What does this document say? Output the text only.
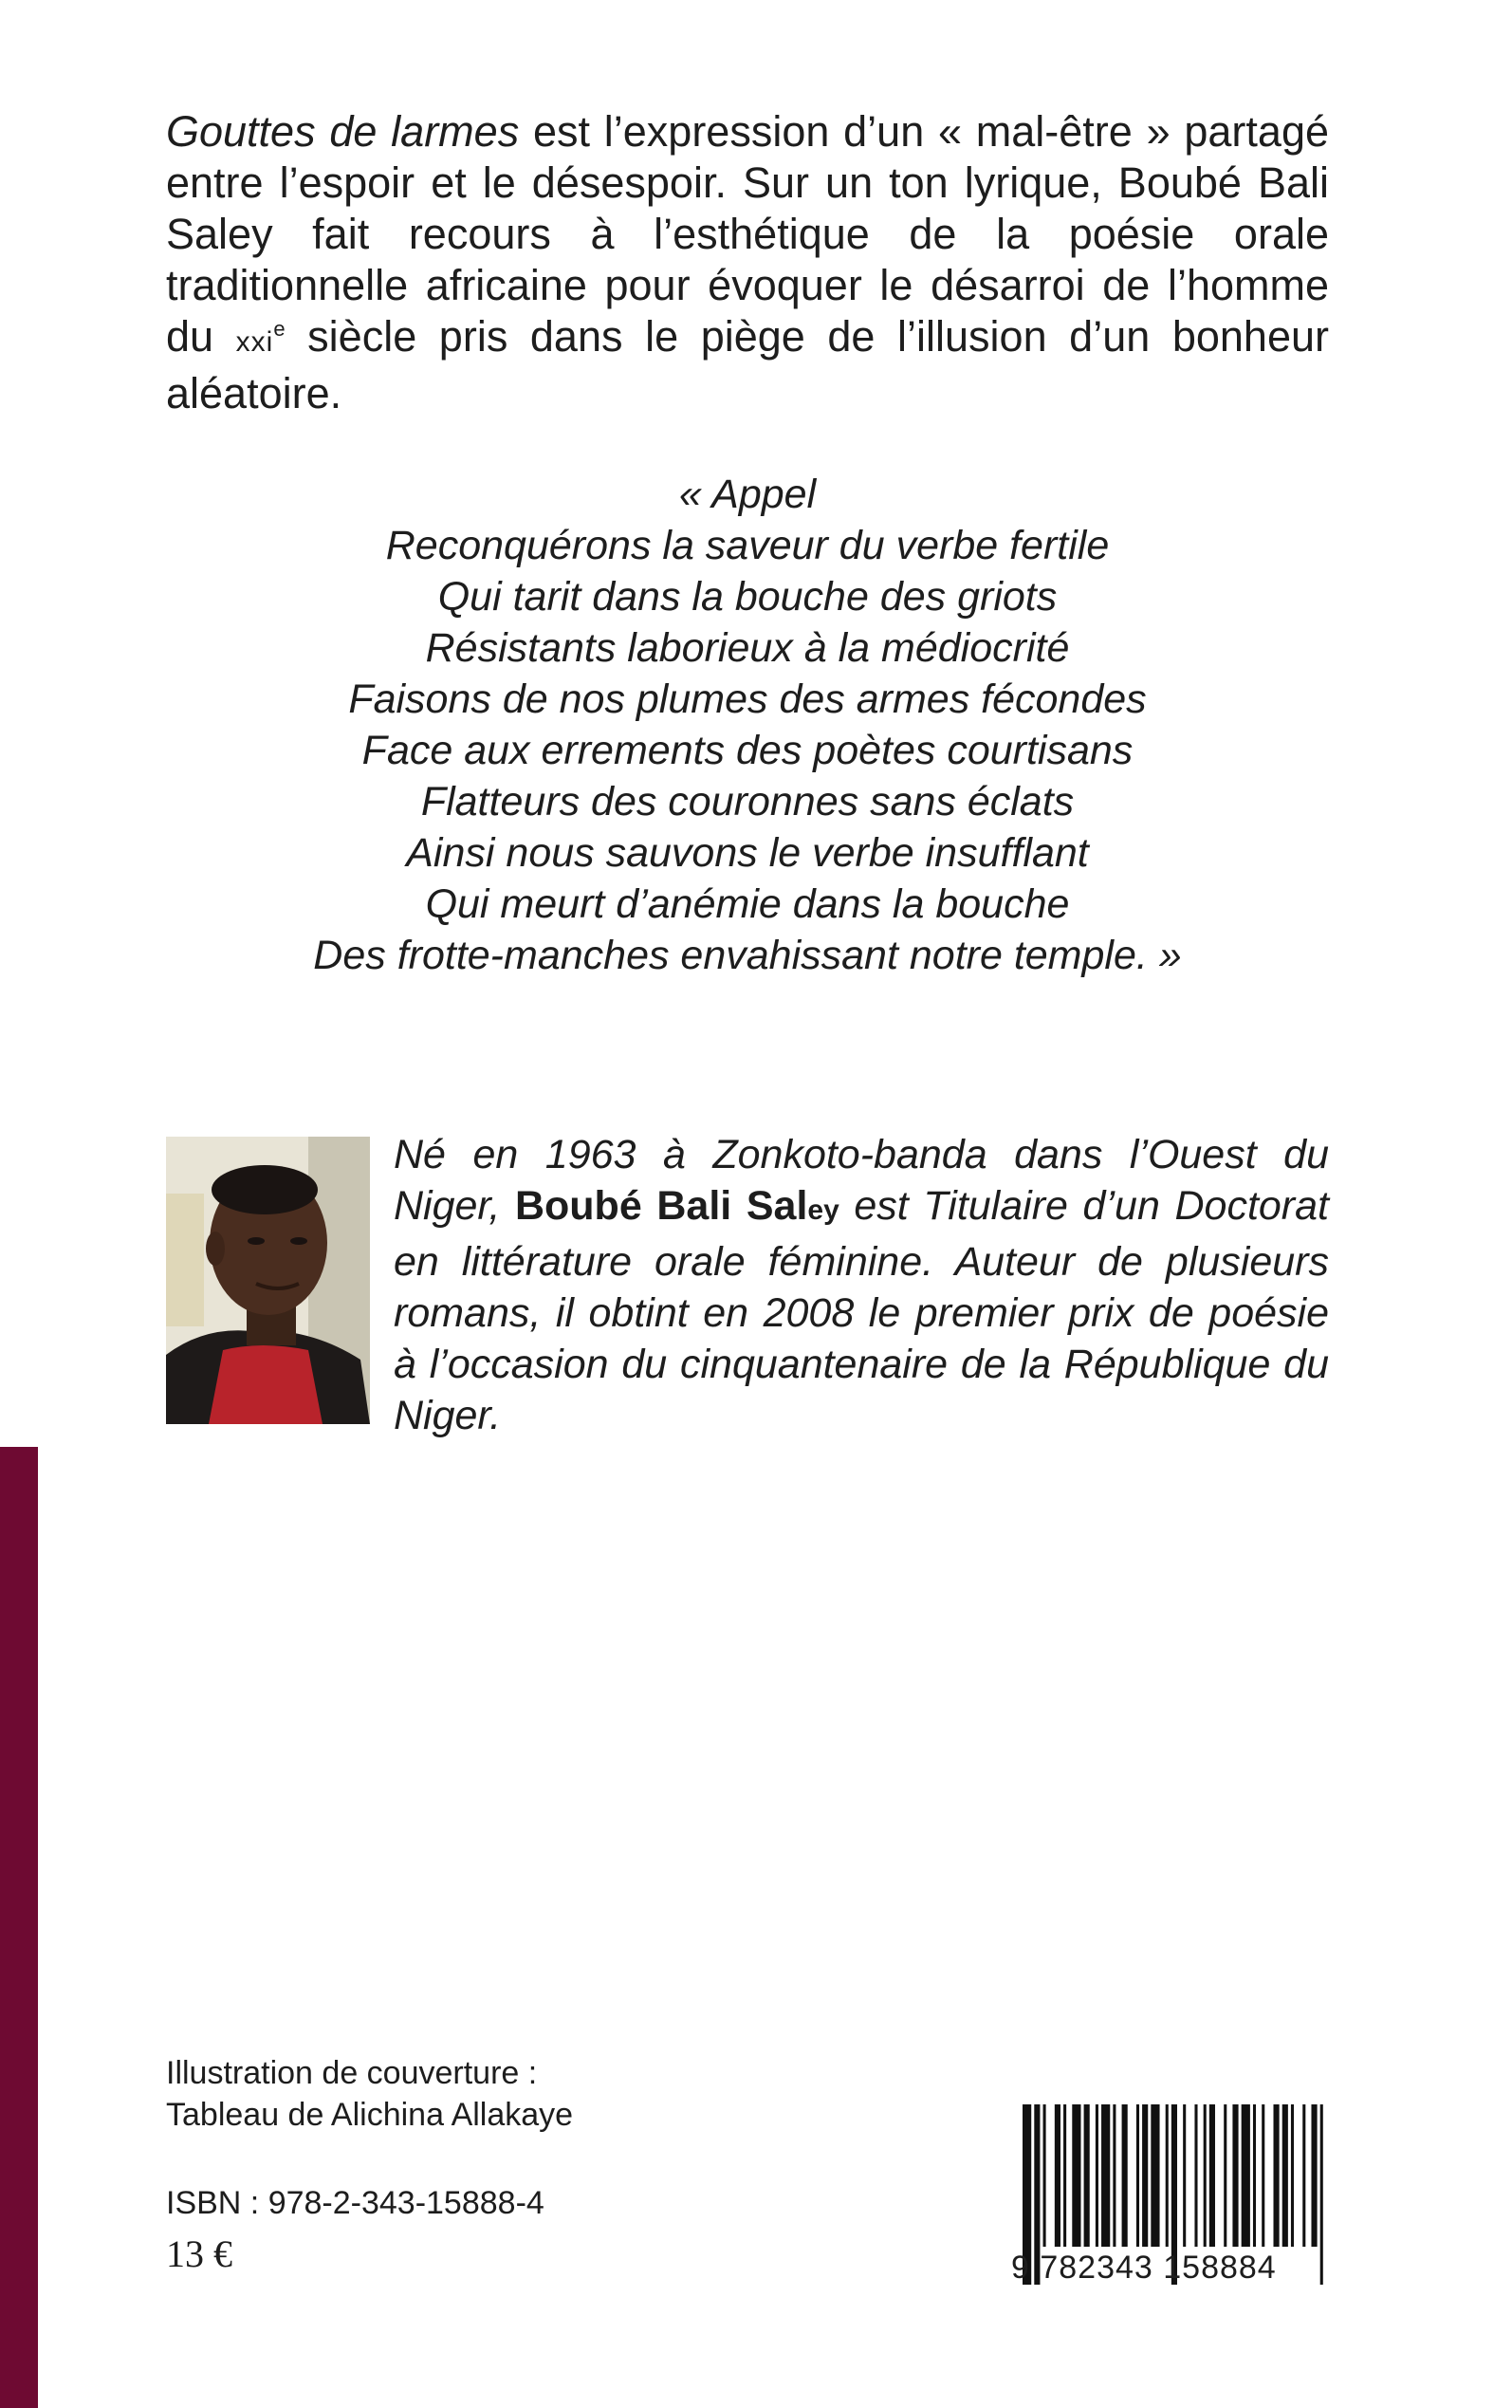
Gouttes de larmes est l’expression d’un « mal-être » partagé entre l’espoir et le désespoir. Sur un ton lyrique, Boubé Bali Saley fait recours à l’esthétique de la poésie orale traditionnelle africaine pour évoquer le désarroi de l’homme du xxi$^e$ siècle pris dans le piège de l’illusion d’un bonheur aléatoire.

« Appel
Reconquérons la saveur du verbe fertile
Qui tarit dans la bouche des griots
Résistants laborieux à la médiocrité
Faisons de nos plumes des armes fécondes
Face aux errements des poètes courtisans
Flatteurs des couronnes sans éclats
Ainsi nous sauvons le verbe insufflant
Qui meurt d’anémie dans la bouche
Des frotte-manches envahissant notre temple. »

Né en 1963 à Zonkoto-banda dans l’Ouest du Niger, Boubé Bali Saley est Titulaire d’un Doctorat en littérature orale féminine. Auteur de plusieurs romans, il obtint en 2008 le premier prix de poésie à l’occasion du cinquantenaire de la République du Niger.

Illustration de couverture :
Tableau de Alichina Allakaye
ISBN : 978-2-343-15888-4
13 €	9 782343 158884
